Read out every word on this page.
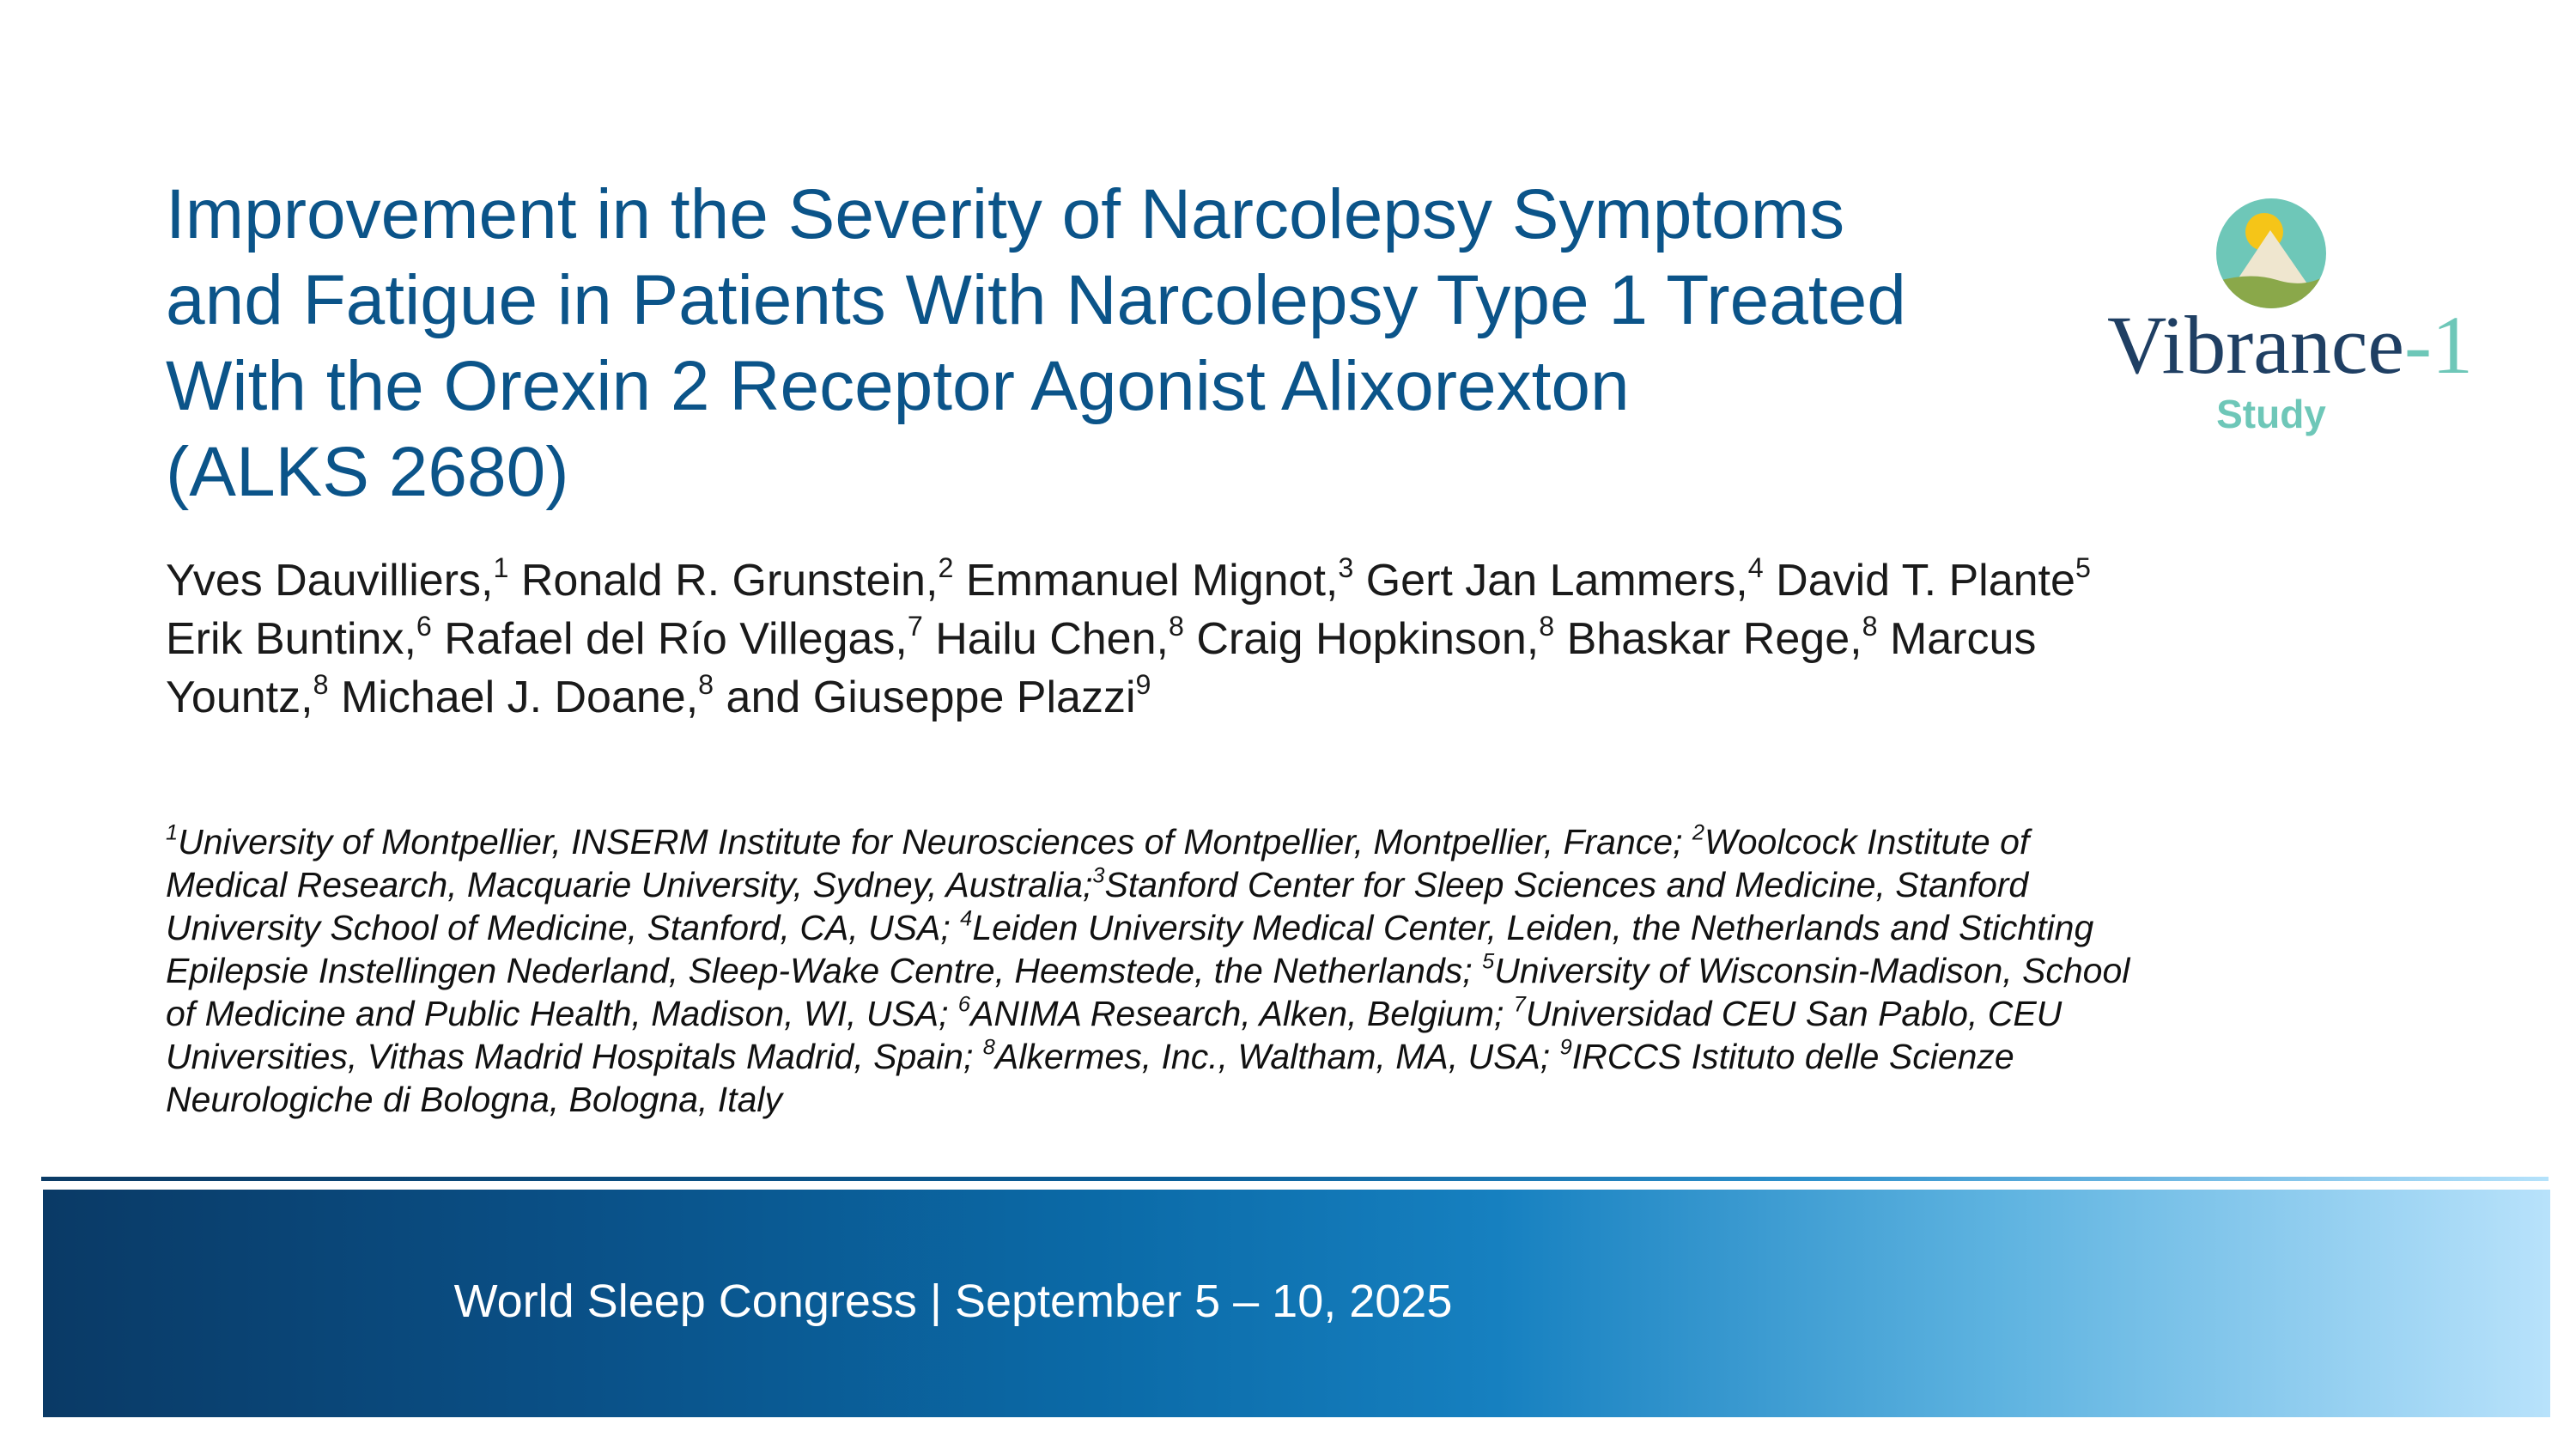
Improvement in the Severity of Narcolepsy Symptoms
and Fatigue in Patients With Narcolepsy Type 1 Treated
With the Orexin 2 Receptor Agonist Alixorexton
(ALKS 2680)
Vibrance-1
Study
Yves Dauvilliers,$^1$ Ronald R. Grunstein,$^2$ Emmanuel Mignot,$^3$ Gert Jan Lammers,$^4$ David T. Plante$^5$
Erik Buntinx,$^6$ Rafael del Río Villegas,$^7$ Hailu Chen,$^8$ Craig Hopkinson,$^8$ Bhaskar Rege,$^8$ Marcus
Yountz,$^8$ Michael J. Doane,$^8$ and Giuseppe Plazzi$^9$
$^1$University of Montpellier, INSERM Institute for Neurosciences of Montpellier, Montpellier, France; $^2$Woolcock Institute of
Medical Research, Macquarie University, Sydney, Australia;$^3$Stanford Center for Sleep Sciences and Medicine, Stanford
University School of Medicine, Stanford, CA, USA; $^4$Leiden University Medical Center, Leiden, the Netherlands and Stichting
Epilepsie Instellingen Nederland, Sleep-Wake Centre, Heemstede, the Netherlands; $^5$University of Wisconsin-Madison, School
of Medicine and Public Health, Madison, WI, USA; $^6$ANIMA Research, Alken, Belgium; $^7$Universidad CEU San Pablo, CEU
Universities, Vithas Madrid Hospitals Madrid, Spain; $^8$Alkermes, Inc., Waltham, MA, USA; $^9$IRCCS Istituto delle Scienze
Neurologiche di Bologna, Bologna, Italy
World Sleep Congress | September 5 – 10, 2025
